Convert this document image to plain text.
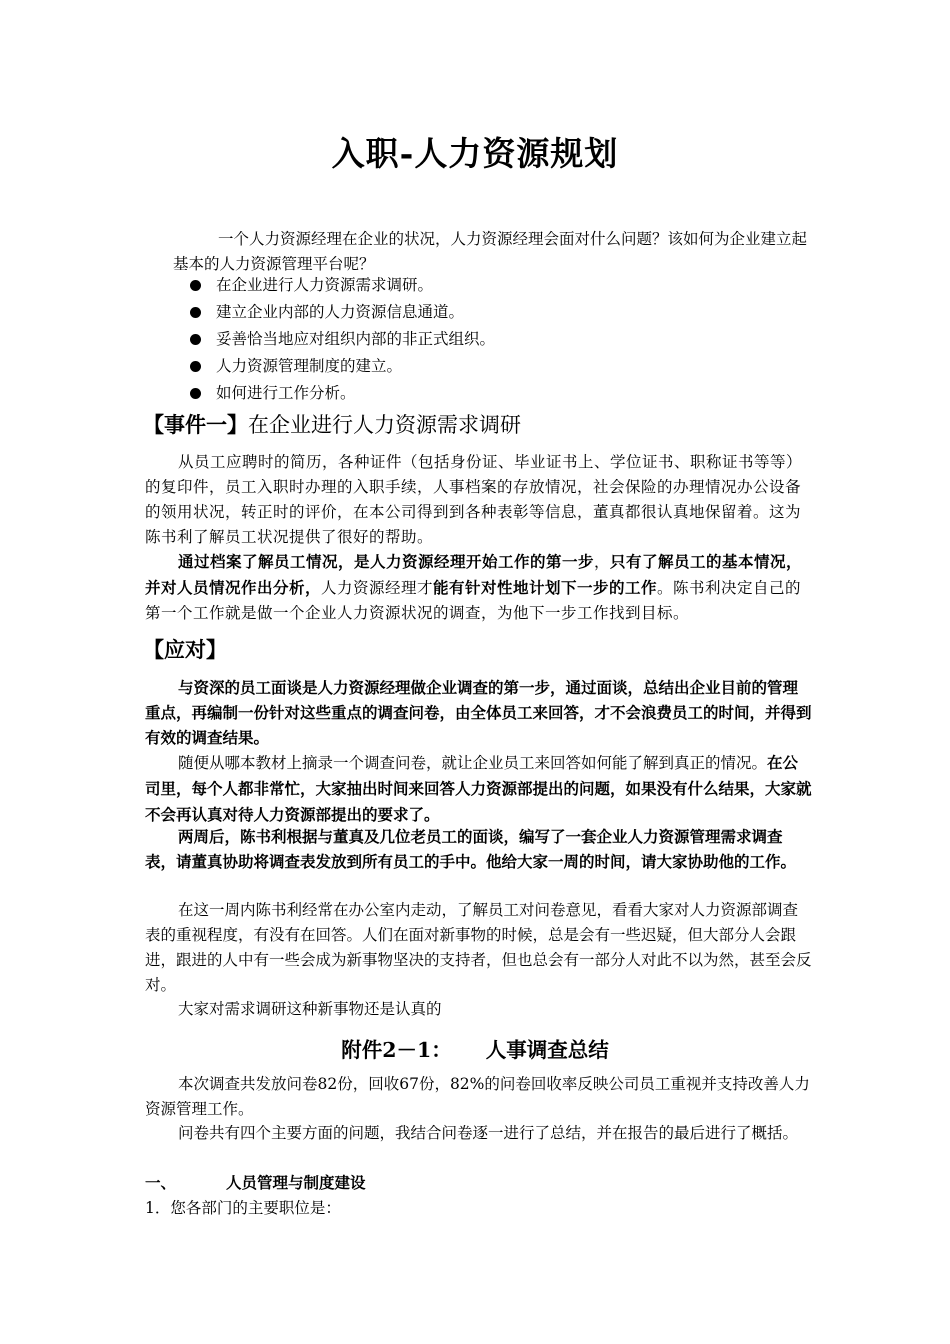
入职-人力资源规划

一个人力资源经理在企业的状况，人力资源经理会面对什么问题？该如何为企业建立起基本的人力资源管理平台呢？

在企业进行人力资源需求调研。
建立企业内部的人力资源信息通道。
妥善恰当地应对组织内部的非正式组织。
人力资源管理制度的建立。
如何进行工作分析。
【事件一】在企业进行人力资源需求调研

从员工应聘时的简历，各种证件（包括身份证、毕业证书上、学位证书、职称证书等等）的复印件，员工入职时办理的入职手续，人事档案的存放情况，社会保险的办理情况办公设备的领用状况，转正时的评价，在本公司得到到各种表彰等信息，董真都很认真地保留着。这为陈书利了解员工状况提供了很好的帮助。

通过档案了解员工情况，是人力资源经理开始工作的第一步，只有了解员工的基本情况，并对人员情况作出分析，人力资源经理才能有针对性地计划下一步的工作。陈书利决定自己的第一个工作就是做一个企业人力资源状况的调查，为他下一步工作找到目标。

【应对】

与资深的员工面谈是人力资源经理做企业调查的第一步，通过面谈，总结出企业目前的管理重点，再编制一份针对这些重点的调查问卷，由全体员工来回答，才不会浪费员工的时间，并得到有效的调查结果。

随便从哪本教材上摘录一个调查问卷，就让企业员工来回答如何能了解到真正的情况。在公司里，每个人都非常忙，大家抽出时间来回答人力资源部提出的问题，如果没有什么结果，大家就不会再认真对待人力资源部提出的要求了。

两周后，陈书利根据与董真及几位老员工的面谈，编写了一套企业人力资源管理需求调查表，请董真协助将调查表发放到所有员工的手中。他给大家一周的时间，请大家协助他的工作。

在这一周内陈书利经常在办公室内走动，了解员工对问卷意见，看看大家对人力资源部调查表的重视程度，有没有在回答。人们在面对新事物的时候，总是会有一些迟疑，但大部分人会跟进，跟进的人中有一些会成为新事物坚决的支持者，但也总会有一部分人对此不以为然，甚至会反对。

大家对需求调研这种新事物还是认真的

附件2－1： 人事调查总结

本次调查共发放问卷82份，回收67份，82%的问卷回收率反映公司员工重视并支持改善人力资源管理工作。

问卷共有四个主要方面的问题，我结合问卷逐一进行了总结，并在报告的最后进行了概括。

一、	人员管理与制度建设
1．您各部门的主要职位是：
